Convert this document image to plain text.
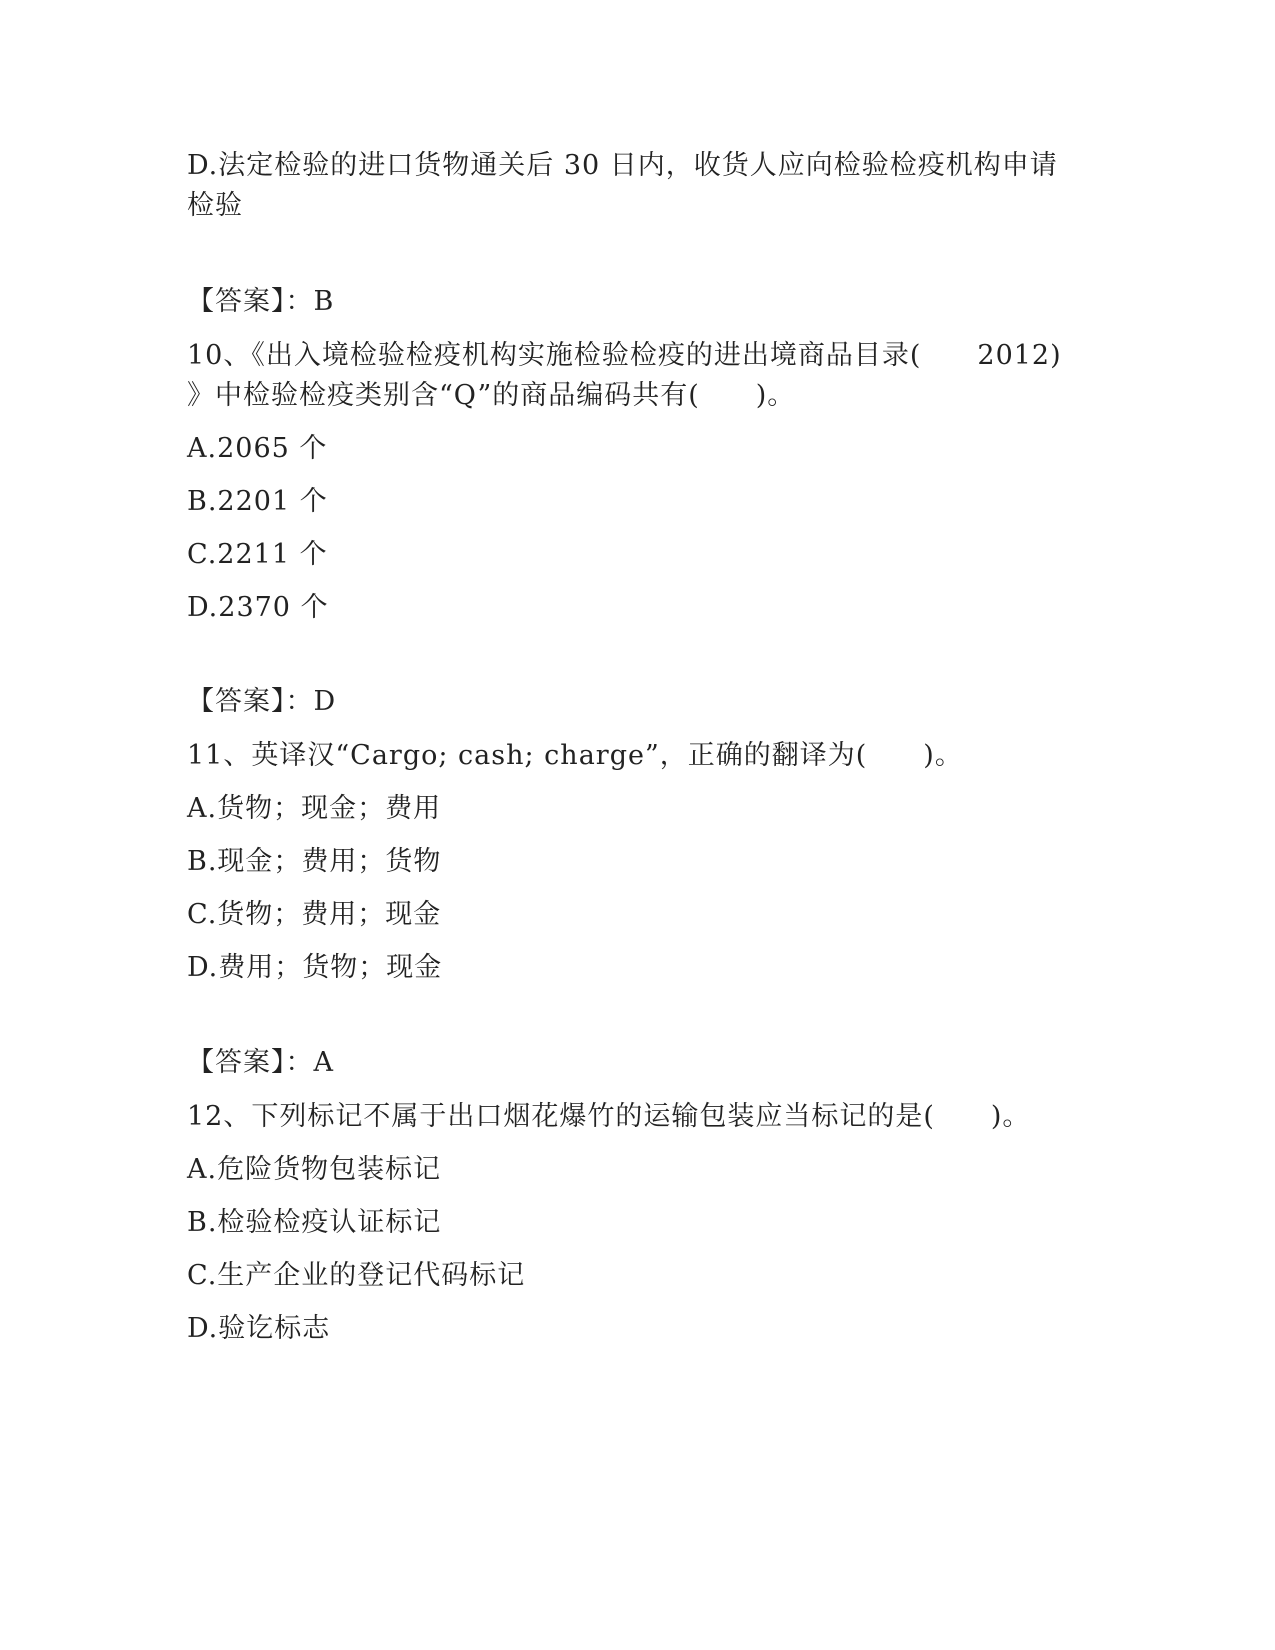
D.法定检验的进口货物通关后 30 日内，收货人应向检验检疫机构申请
检验
【答案】：B
10、《出入境检验检疫机构实施检验检疫的进出境商品目录(　　2012)
》中检验检疫类别含“Q”的商品编码共有(　　)。
A.2065 个
B.2201 个
C.2211 个
D.2370 个
【答案】：D
11、英译汉“Cargo; cash; charge”，正确的翻译为(　　)。
A.货物；现金；费用
B.现金；费用；货物
C.货物；费用；现金
D.费用；货物；现金
【答案】：A
12、下列标记不属于出口烟花爆竹的运输包装应当标记的是(　　)。
A.危险货物包装标记
B.检验检疫认证标记
C.生产企业的登记代码标记
D.验讫标志
